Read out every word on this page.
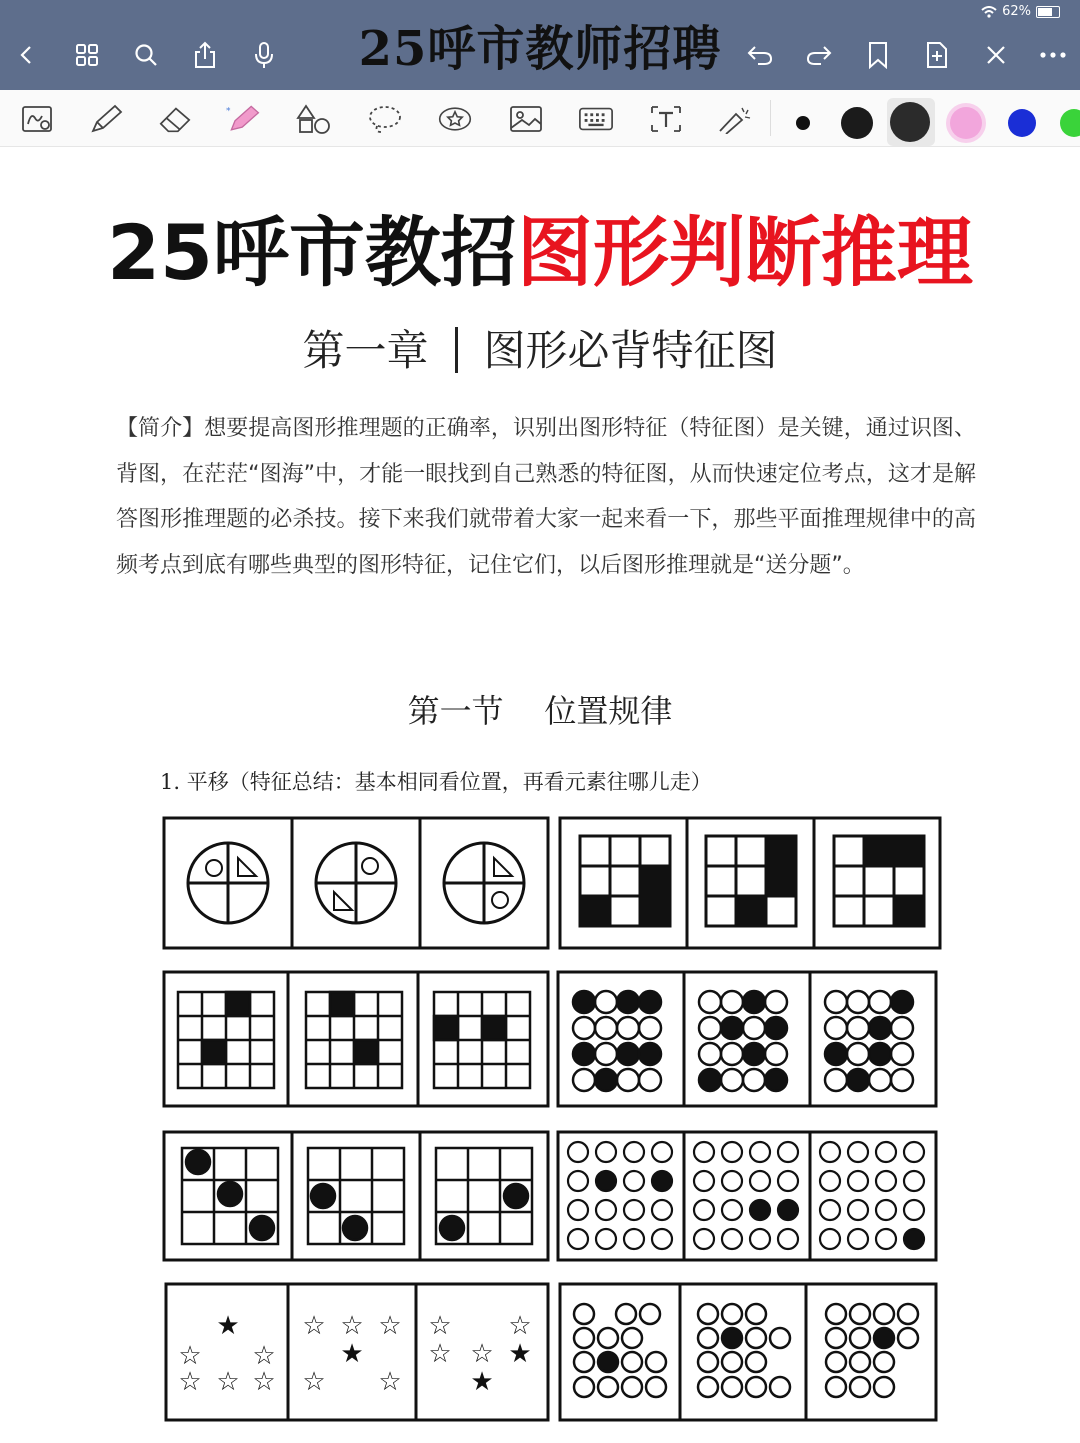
62%
25呼市教师招聘
*
25呼市教招图形判断推理
第一章 图形必背特征图
【简介】想要提高图形推理题的正确率，识别出图形特征（特征图）是关键，通过识图、背图，在茫茫“图海”中，才能一眼找到自己熟悉的特征图，从而快速定位考点，这才是解答图形推理题的必杀技。接下来我们就带着大家一起来看一下，那些平面推理规律中的高频考点到底有哪些典型的图形特征，记住它们，以后图形推理就是“送分题”。
第一节    位置规律
1. 平移（特征总结：基本相同看位置，再看元素往哪儿走）
★
☆ ☆
☆ ☆ ☆
☆ ☆ ☆
★
☆ ☆
☆ ☆
☆ ☆ ★
★
